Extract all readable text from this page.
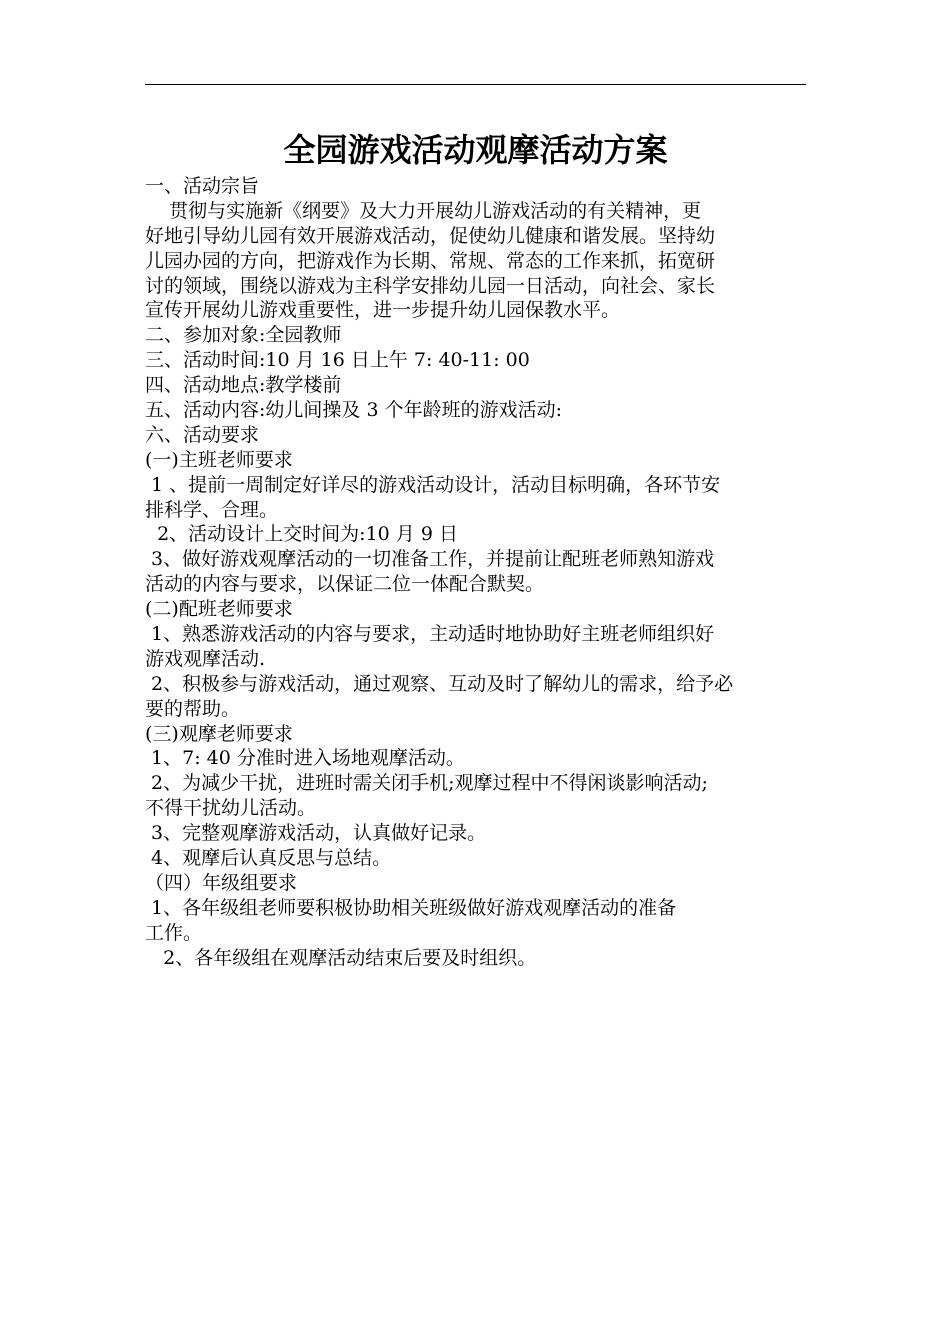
全园游戏活动观摩活动方案
一、活动宗旨
贯彻与实施新《纲要》及大力开展幼儿游戏活动的有关精神，更
好地引导幼儿园有效开展游戏活动，促使幼儿健康和谐发展。坚持幼
儿园办园的方向，把游戏作为长期、常规、常态的工作来抓，拓宽研
讨的领域，围绕以游戏为主科学安排幼儿园一日活动，向社会、家长
宣传开展幼儿游戏重要性，进一步提升幼儿园保教水平。
二、参加对象:全园教师
三、活动时间:10 月 16 日上午 7: 40-11: 00
四、活动地点:教学楼前
五、活动内容:幼儿间操及 3 个年龄班的游戏活动:
六、活动要求
(一)主班老师要求
1 、提前一周制定好详尽的游戏活动设计，活动目标明确，各环节安
排科学、合理。
2、活动设计上交时间为:10 月 9 日
3、做好游戏观摩活动的一切准备工作，并提前让配班老师熟知游戏
活动的内容与要求，以保证二位一体配合默契。
(二)配班老师要求
1、熟悉游戏活动的内容与要求，主动适时地协助好主班老师组织好
游戏观摩活动.
2、积极参与游戏活动，通过观察、互动及时了解幼儿的需求，给予必
要的帮助。
(三)观摩老师要求
1、7: 40 分准时进入场地观摩活动。
2、为减少干扰，进班时需关闭手机;观摩过程中不得闲谈影响活动;
不得干扰幼儿活动。
3、完整观摩游戏活动，认真做好记录。
4、观摩后认真反思与总结。
（四）年级组要求
1、各年级组老师要积极协助相关班级做好游戏观摩活动的准备
工作。
2、各年级组在观摩活动结束后要及时组织。
